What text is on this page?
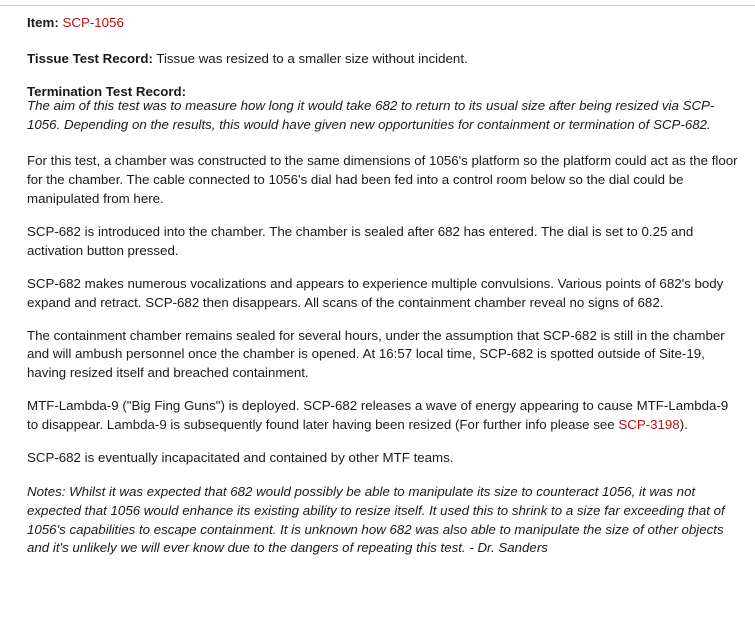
Item: SCP-1056

Tissue Test Record: Tissue was resized to a smaller size without incident.

Termination Test Record:

The aim of this test was to measure how long it would take 682 to return to its usual size after being resized via SCP-1056. Depending on the results, this would have given new opportunities for containment or termination of SCP-682.

For this test, a chamber was constructed to the same dimensions of 1056's platform so the platform could act as the floor for the chamber. The cable connected to 1056's dial had been fed into a control room below so the dial could be manipulated from here.

SCP-682 is introduced into the chamber. The chamber is sealed after 682 has entered. The dial is set to 0.25 and activation button pressed.

SCP-682 makes numerous vocalizations and appears to experience multiple convulsions. Various points of 682's body expand and retract. SCP-682 then disappears. All scans of the containment chamber reveal no signs of 682.

The containment chamber remains sealed for several hours, under the assumption that SCP-682 is still in the chamber and will ambush personnel once the chamber is opened. At 16:57 local time, SCP-682 is spotted outside of Site-19, having resized itself and breached containment.

MTF-Lambda-9 ("Big Fing Guns") is deployed. SCP-682 releases a wave of energy appearing to cause MTF-Lambda-9 to disappear. Lambda-9 is subsequently found later having been resized (For further info please see SCP-3198).

SCP-682 is eventually incapacitated and contained by other MTF teams.

Notes: Whilst it was expected that 682 would possibly be able to manipulate its size to counteract 1056, it was not expected that 1056 would enhance its existing ability to resize itself. It used this to shrink to a size far exceeding that of 1056's capabilities to escape containment. It is unknown how 682 was also able to manipulate the size of other objects and it's unlikely we will ever know due to the dangers of repeating this test. - Dr. Sanders
